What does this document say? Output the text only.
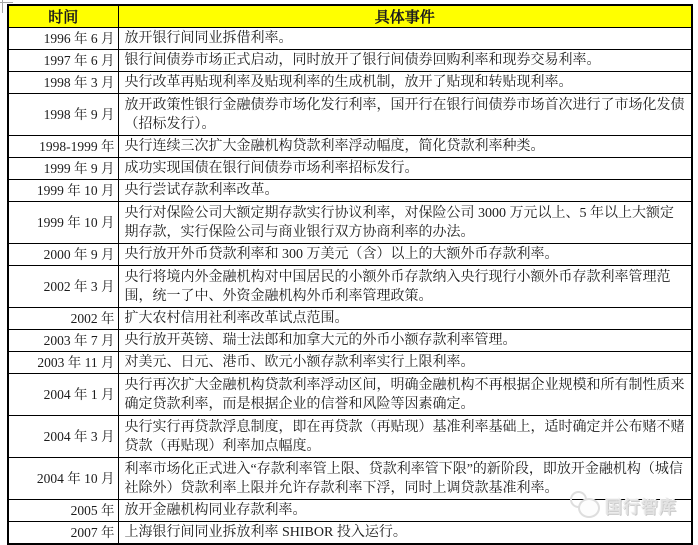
时间	具体事件
1996 年 6 月	放开银行间同业拆借利率。
1997 年 6 月	银行间债券市场正式启动，同时放开了银行间债券回购利率和现券交易利率。
1998 年 3 月	央行改革再贴现利率及贴现利率的生成机制，放开了贴现和转贴现利率。
1998 年 9 月	放开政策性银行金融债券市场化发行利率，国开行在银行间债券市场首次进行了市场化发债（招标发行）。
1998-1999 年	央行连续三次扩大金融机构贷款利率浮动幅度，简化贷款利率种类。
1999 年 9 月	成功实现国债在银行间债券市场利率招标发行。
1999 年 10 月	央行尝试存款利率改革。
1999 年 10 月	央行对保险公司大额定期存款实行协议利率，对保险公司 3000 万元以上、5 年以上大额定期存款，实行保险公司与商业银行双方协商利率的办法。
2000 年 9 月	央行放开外币贷款利率和 300 万美元（含）以上的大额外币存款利率。
2002 年 3 月	央行将境内外金融机构对中国居民的小额外币存款纳入央行现行小额外币存款利率管理范围，统一了中、外资金融机构外币利率管理政策。
2002 年	扩大农村信用社利率改革试点范围。
2003 年 7 月	央行放开英镑、瑞士法郎和加拿大元的外币小额存款利率管理。
2003 年 11 月	对美元、日元、港币、欧元小额存款利率实行上限利率。
2004 年 1 月	央行再次扩大金融机构贷款利率浮动区间，明确金融机构不再根据企业规模和所有制性质来确定贷款利率，而是根据企业的信誉和风险等因素确定。
2004 年 3 月	央行实行再贷款浮息制度，即在再贷款（再贴现）基准利率基础上，适时确定并公布赌不赌贷款（再贴现）利率加点幅度。
2004 年 10 月	利率市场化正式进入“存款利率管上限、贷款利率管下限”的新阶段，即放开金融机构（城信社除外）贷款利率上限并允许存款利率下浮，同时上调贷款基准利率。
2005 年	放开金融机构同业存款利率。
2007 年	上海银行间同业拆放利率 SHIBOR 投入运行。
国行智库
